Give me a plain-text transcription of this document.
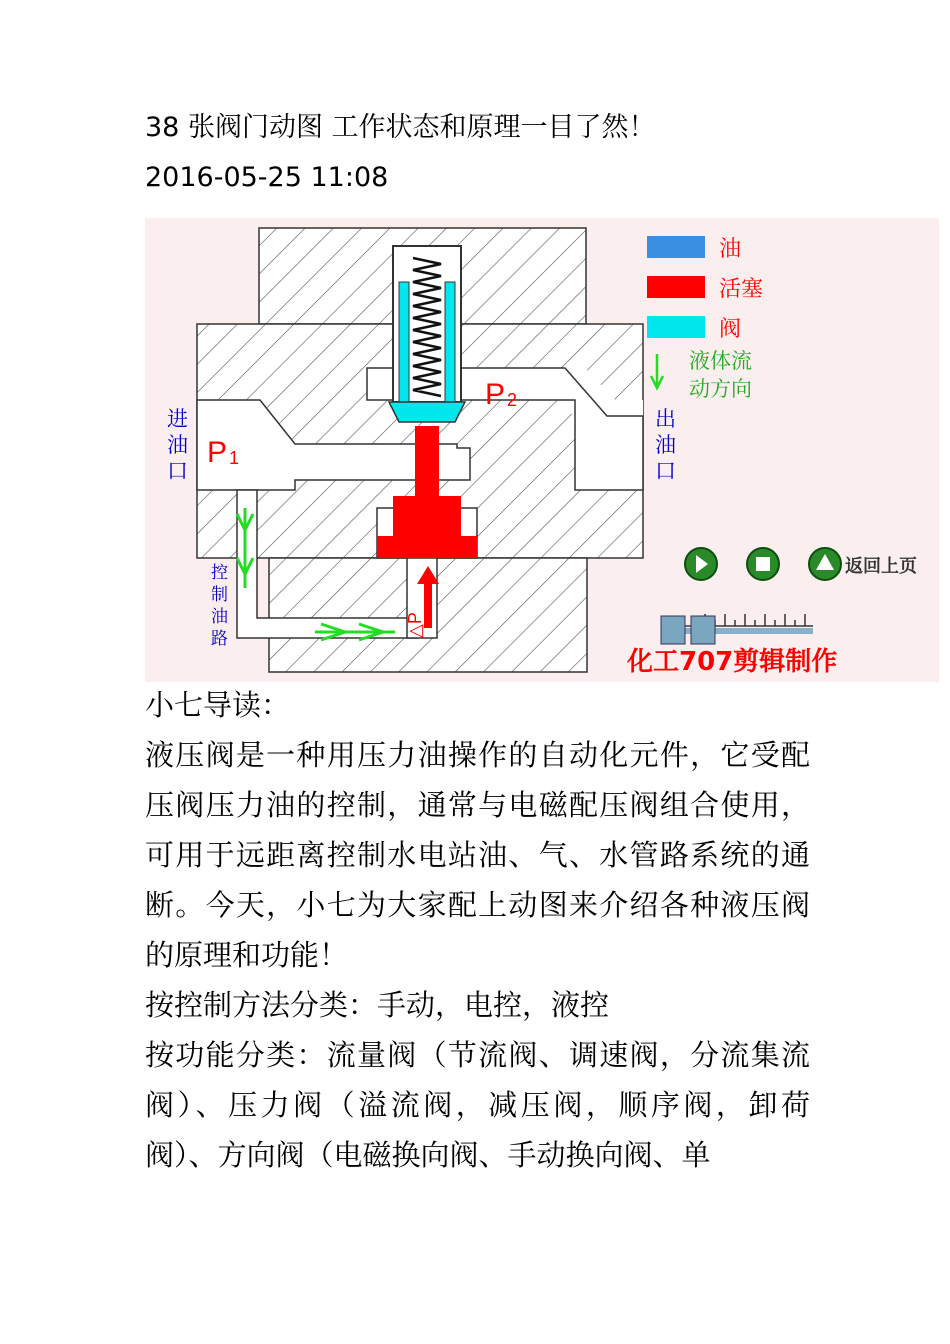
38 张阀门动图 工作状态和原理一目了然！
2016-05-25 11:08
油
活塞
阀
液体流
动方向
P 1
P 2
△P
进
油
口
出
油
口
控
制
油
路
返回上页
化工707剪辑制作

小七导读：

液压阀是一种用压力油操作的自动化元件，它受配压阀压力油的控制，通常与电磁配压阀组合使用，可用于远距离控制水电站油、气、水管路系统的通断。今天，小七为大家配上动图来介绍各种液压阀的原理和功能！

按控制方法分类：手动，电控，液控

按功能分类：流量阀（节流阀、调速阀，分流集流阀）、压力阀（溢流阀，减压阀，顺序阀，卸荷阀）、方向阀（电磁换向阀、手动换向阀、单
